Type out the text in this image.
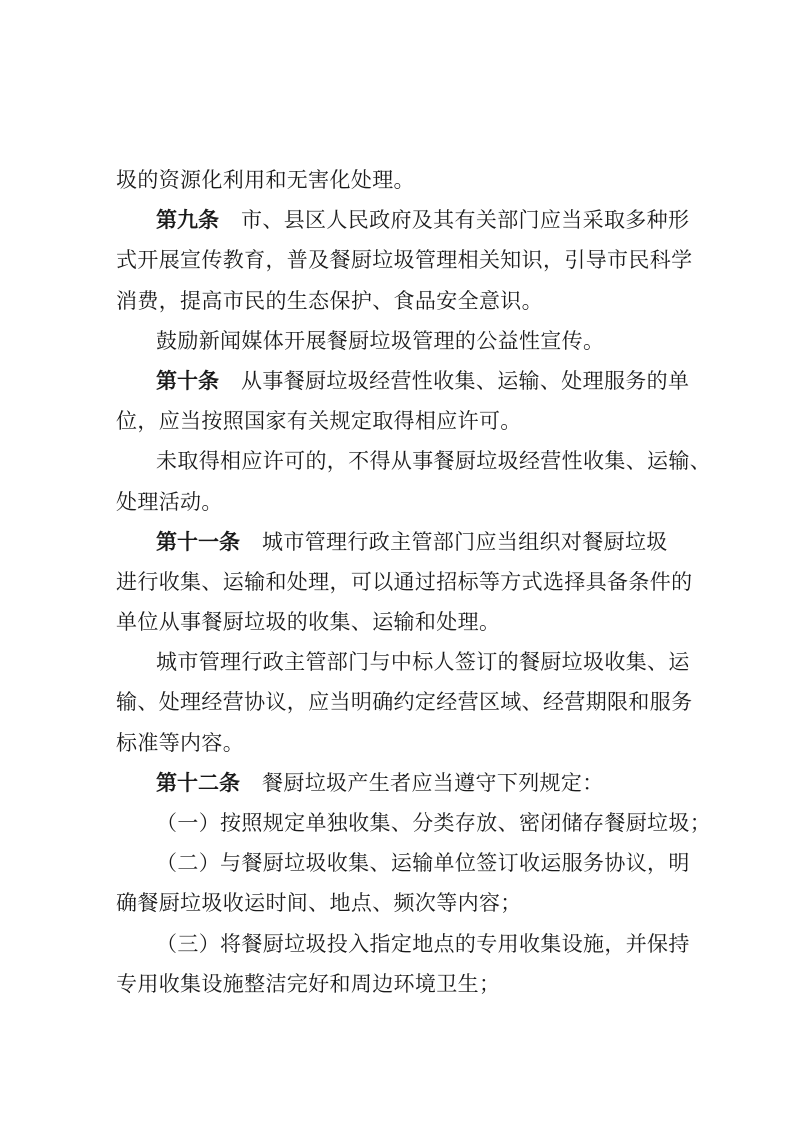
圾的资源化利用和无害化处理。
第九条 市、县区人民政府及其有关部门应当采取多种形
式开展宣传教育，普及餐厨垃圾管理相关知识，引导市民科学
消费，提高市民的生态保护、食品安全意识。
鼓励新闻媒体开展餐厨垃圾管理的公益性宣传。
第十条 从事餐厨垃圾经营性收集、运输、处理服务的单
位，应当按照国家有关规定取得相应许可。
未取得相应许可的，不得从事餐厨垃圾经营性收集、运输、
处理活动。
第十一条 城市管理行政主管部门应当组织对餐厨垃圾
进行收集、运输和处理，可以通过招标等方式选择具备条件的
单位从事餐厨垃圾的收集、运输和处理。
城市管理行政主管部门与中标人签订的餐厨垃圾收集、运
输、处理经营协议，应当明确约定经营区域、经营期限和服务
标准等内容。
第十二条 餐厨垃圾产生者应当遵守下列规定：
（一）按照规定单独收集、分类存放、密闭储存餐厨垃圾；
（二）与餐厨垃圾收集、运输单位签订收运服务协议，明
确餐厨垃圾收运时间、地点、频次等内容；
（三）将餐厨垃圾投入指定地点的专用收集设施，并保持
专用收集设施整洁完好和周边环境卫生；
